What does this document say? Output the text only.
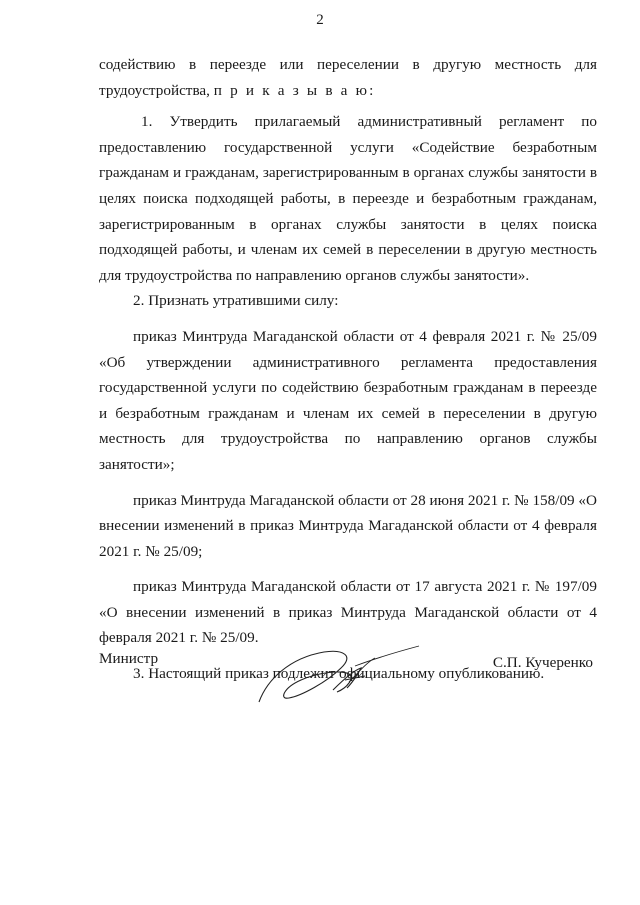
2

содействию в переезде или переселении в другую местность для трудоустройства, п р и к а з ы в а ю:

1. Утвердить прилагаемый административный регламент по предоставлению государственной услуги «Содействие безработным гражданам и гражданам, зарегистрированным в органах службы занятости в целях поиска подходящей работы, в переезде и безработным гражданам, зарегистрированным в органах службы занятости в целях поиска подходящей работы, и членам их семей в переселении в другую местность для трудоустройства по направлению органов службы занятости».

2. Признать утратившими силу:

приказ Минтруда Магаданской области от 4 февраля 2021 г. № 25/09 «Об утверждении административного регламента предоставления государственной услуги по содействию безработным гражданам в переезде и безработным гражданам и членам их семей в переселении в другую местность для трудоустройства по направлению органов службы занятости»;

приказ Минтруда Магаданской области от 28 июня 2021 г. № 158/09 «О внесении изменений в приказ Минтруда Магаданской области от 4 февраля 2021 г. № 25/09;

приказ Минтруда Магаданской области от 17 августа 2021 г. № 197/09 «О внесении изменений в приказ Минтруда Магаданской области от 4 февраля 2021 г. № 25/09.

3. Настоящий приказ подлежит официальному опубликованию.

Министр	С.П. Кучеренко
